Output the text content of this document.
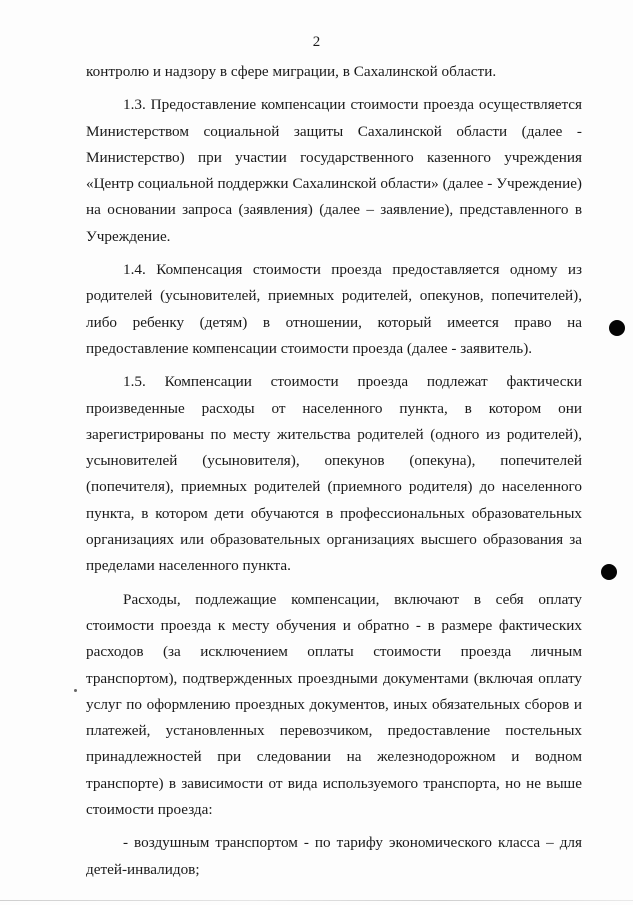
2

контролю и надзору в сфере миграции, в Сахалинской области.

1.3. Предоставление компенсации стоимости проезда осуществляется Министерством социальной защиты Сахалинской области (далее - Министерство) при участии государственного казенного учреждения «Центр социальной поддержки Сахалинской области» (далее - Учреждение) на основании запроса (заявления) (далее – заявление), представленного в Учреждение.

1.4. Компенсация стоимости проезда предоставляется одному из родителей (усыновителей, приемных родителей, опекунов, попечителей), либо ребенку (детям) в отношении, который имеется право на предоставление компенсации стоимости проезда (далее - заявитель).

1.5. Компенсации стоимости проезда подлежат фактически произведенные расходы от населенного пункта, в котором они зарегистрированы по месту жительства родителей (одного из родителей), усыновителей (усыновителя), опекунов (опекуна), попечителей (попечителя), приемных родителей (приемного родителя) до населенного пункта, в котором дети обучаются в профессиональных образовательных организациях или образовательных организациях высшего образования за пределами населенного пункта.

Расходы, подлежащие компенсации, включают в себя оплату стоимости проезда к месту обучения и обратно - в размере фактических расходов (за исключением оплаты стоимости проезда личным транспортом), подтвержденных проездными документами (включая оплату услуг по оформлению проездных документов, иных обязательных сборов и платежей, установленных перевозчиком, предоставление постельных принадлежностей при следовании на железнодорожном и водном транспорте) в зависимости от вида используемого транспорта, но не выше стоимости проезда:

- воздушным транспортом - по тарифу экономического класса – для детей-инвалидов;
